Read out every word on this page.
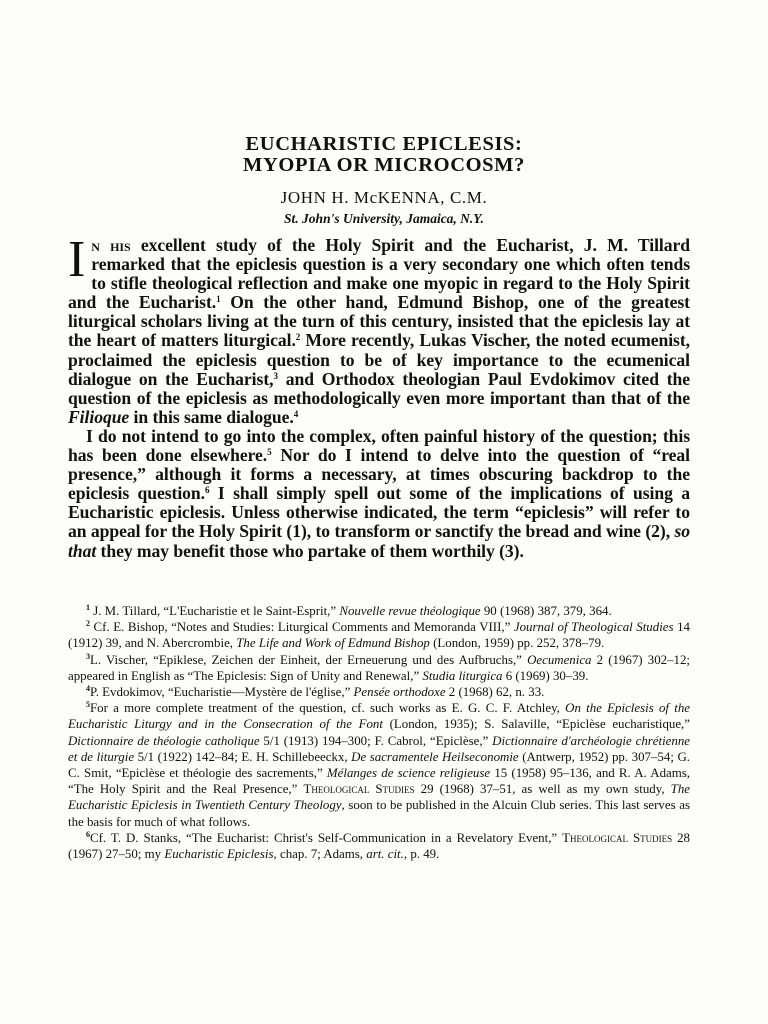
EUCHARISTIC EPICLESIS:
MYOPIA OR MICROCOSM?
JOHN H. McKENNA, C.M.
St. John's University, Jamaica, N.Y.

In his excellent study of the Holy Spirit and the Eucharist, J. M. Tillard remarked that the epiclesis question is a very secondary one which often tends to stifle theological reflection and make one myopic in regard to the Holy Spirit and the Eucharist.$^1$ On the other hand, Edmund Bishop, one of the greatest liturgical scholars living at the turn of this century, insisted that the epiclesis lay at the heart of matters liturgical.$^2$ More recently, Lukas Vischer, the noted ecumenist, proclaimed the epiclesis question to be of key importance to the ecumenical dialogue on the Eucharist,$^3$ and Orthodox theologian Paul Evdokimov cited the question of the epiclesis as methodologically even more important than that of the Filioque in this same dialogue.$^4$

I do not intend to go into the complex, often painful history of the question; this has been done elsewhere.$^5$ Nor do I intend to delve into the question of “real presence,” although it forms a necessary, at times obscuring backdrop to the epiclesis question.$^6$ I shall simply spell out some of the implications of using a Eucharistic epiclesis. Unless otherwise indicated, the term “epiclesis” will refer to an appeal for the Holy Spirit (1), to transform or sanctify the bread and wine (2), so that they may benefit those who partake of them worthily (3).

$^1$ J. M. Tillard, “L'Eucharistie et le Saint-Esprit,” Nouvelle revue théologique 90 (1968) 387, 379, 364.

$^2$ Cf. E. Bishop, “Notes and Studies: Liturgical Comments and Memoranda VIII,” Journal of Theological Studies 14 (1912) 39, and N. Abercrombie, The Life and Work of Edmund Bishop (London, 1959) pp. 252, 378–79.

$^3$L. Vischer, “Epiklese, Zeichen der Einheit, der Erneuerung und des Aufbruchs,” Oecumenica 2 (1967) 302–12; appeared in English as “The Epiclesis: Sign of Unity and Renewal,” Studia liturgica 6 (1969) 30–39.

$^4$P. Evdokimov, “Eucharistie—Mystère de l'église,” Pensée orthodoxe 2 (1968) 62, n. 33.

$^5$For a more complete treatment of the question, cf. such works as E. G. C. F. Atchley, On the Epiclesis of the Eucharistic Liturgy and in the Consecration of the Font (London, 1935); S. Salaville, “Epiclèse eucharistique,” Dictionnaire de théologie catholique 5/1 (1913) 194–300; F. Cabrol, “Epiclèse,” Dictionnaire d'archéologie chrétienne et de liturgie 5/1 (1922) 142–84; E. H. Schillebeeckx, De sacramentele Heilseconomie (Antwerp, 1952) pp. 307–54; G. C. Smit, “Epiclèse et théologie des sacrements,” Mélanges de science religieuse 15 (1958) 95–136, and R. A. Adams, “The Holy Spirit and the Real Presence,” Theological Studies 29 (1968) 37–51, as well as my own study, The Eucharistic Epiclesis in Twentieth Century Theology, soon to be published in the Alcuin Club series. This last serves as the basis for much of what follows.

$^6$Cf. T. D. Stanks, “The Eucharist: Christ's Self-Communication in a Revelatory Event,” Theological Studies 28 (1967) 27–50; my Eucharistic Epiclesis, chap. 7; Adams, art. cit., p. 49.
